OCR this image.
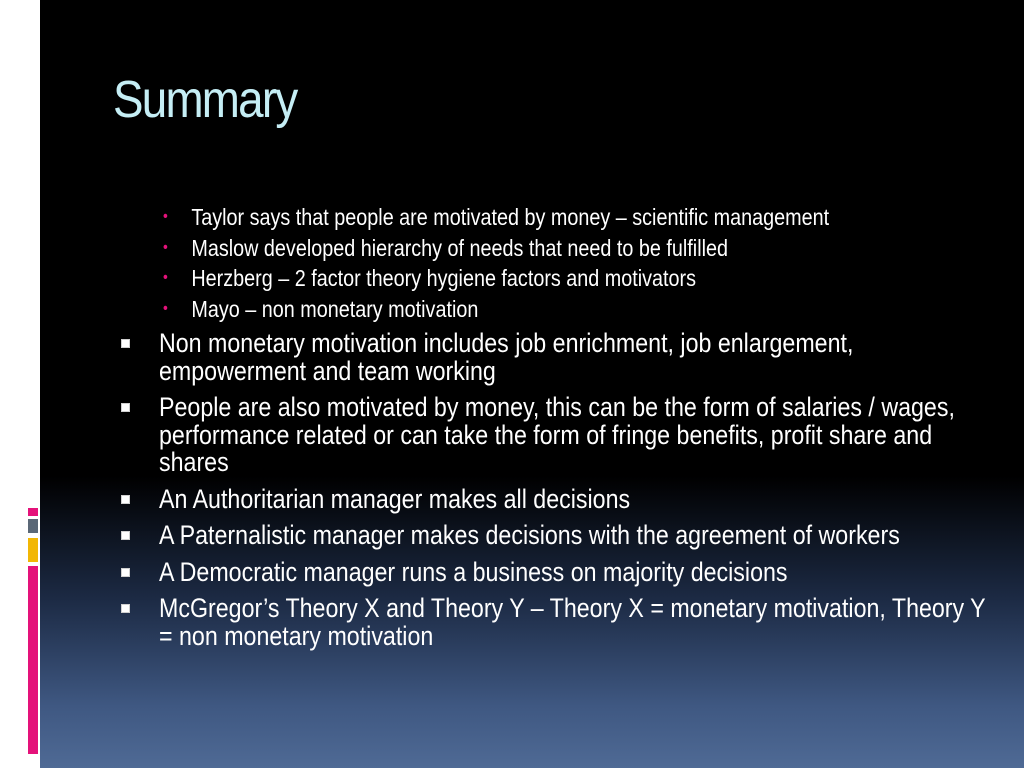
Summary
• Taylor says that people are motivated by money – scientific management
• Maslow developed hierarchy of needs that need to be fulfilled
• Herzberg – 2 factor theory hygiene factors and motivators
• Mayo – non monetary motivation
Non monetary motivation includes job enrichment, job enlargement, empowerment and team working
People are also motivated by money, this can be the form of salaries / wages, performance related or can take the form of fringe benefits, profit share and shares
An Authoritarian manager makes all decisions
A Paternalistic manager makes decisions with the agreement of workers
A Democratic manager runs a business on majority decisions
McGregor’s Theory X and Theory Y – Theory X = monetary motivation, Theory Y = non monetary motivation
